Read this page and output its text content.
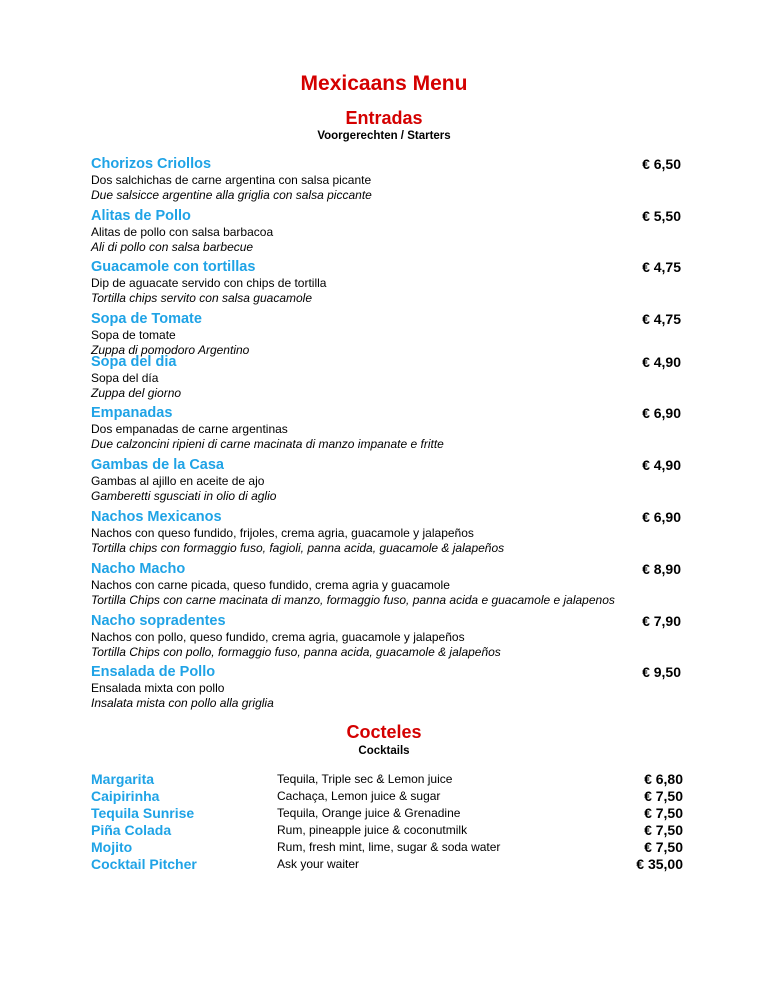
Mexicaans Menu
Entradas
Voorgerechten / Starters
Chorizos Criollos	€ 6,50
Dos salchichas de carne argentina con salsa picante
Due salsicce argentine alla griglia con salsa piccante
Alitas de Pollo	€ 5,50
Alitas de pollo con salsa barbacoa
Ali di pollo con salsa barbecue
Guacamole con tortillas	€ 4,75
Dip de aguacate servido con chips de tortilla
Tortilla chips servito con salsa guacamole
Sopa de Tomate	€ 4,75
Sopa de tomate
Zuppa di pomodoro Argentino
Sopa del dia	€ 4,90
Sopa del día
Zuppa del giorno
Empanadas	€ 6,90
Dos empanadas de carne argentinas
Due calzoncini ripieni di carne macinata di manzo impanate e fritte
Gambas de la Casa	€ 4,90
Gambas al ajillo en aceite de ajo
Gamberetti sgusciati in olio di aglio
Nachos Mexicanos	€ 6,90
Nachos con queso fundido, frijoles, crema agria, guacamole y jalapeños
Tortilla chips con formaggio fuso, fagioli, panna acida, guacamole & jalapeños
Nacho Macho	€ 8,90
Nachos con carne picada, queso fundido, crema agria y guacamole
Tortilla Chips con carne macinata di manzo, formaggio fuso, panna acida e guacamole e jalapenos
Nacho sopradentes	€ 7,90
Nachos con pollo, queso fundido, crema agria, guacamole y jalapeños
Tortilla Chips con pollo, formaggio fuso, panna acida, guacamole & jalapeños
Ensalada de Pollo	€ 9,50
Ensalada mixta con pollo
Insalata mista con pollo alla griglia
Cocteles
Cocktails
Margarita	Tequila, Triple sec & Lemon juice	€ 6,80
Caipirinha	Cachaça, Lemon juice & sugar	€ 7,50
Tequila Sunrise	Tequila, Orange juice & Grenadine	€ 7,50
Piña Colada	Rum, pineapple juice & coconutmilk	€ 7,50
Mojito	Rum, fresh mint, lime, sugar & soda water	€ 7,50
Cocktail Pitcher	Ask your waiter	€ 35,00
